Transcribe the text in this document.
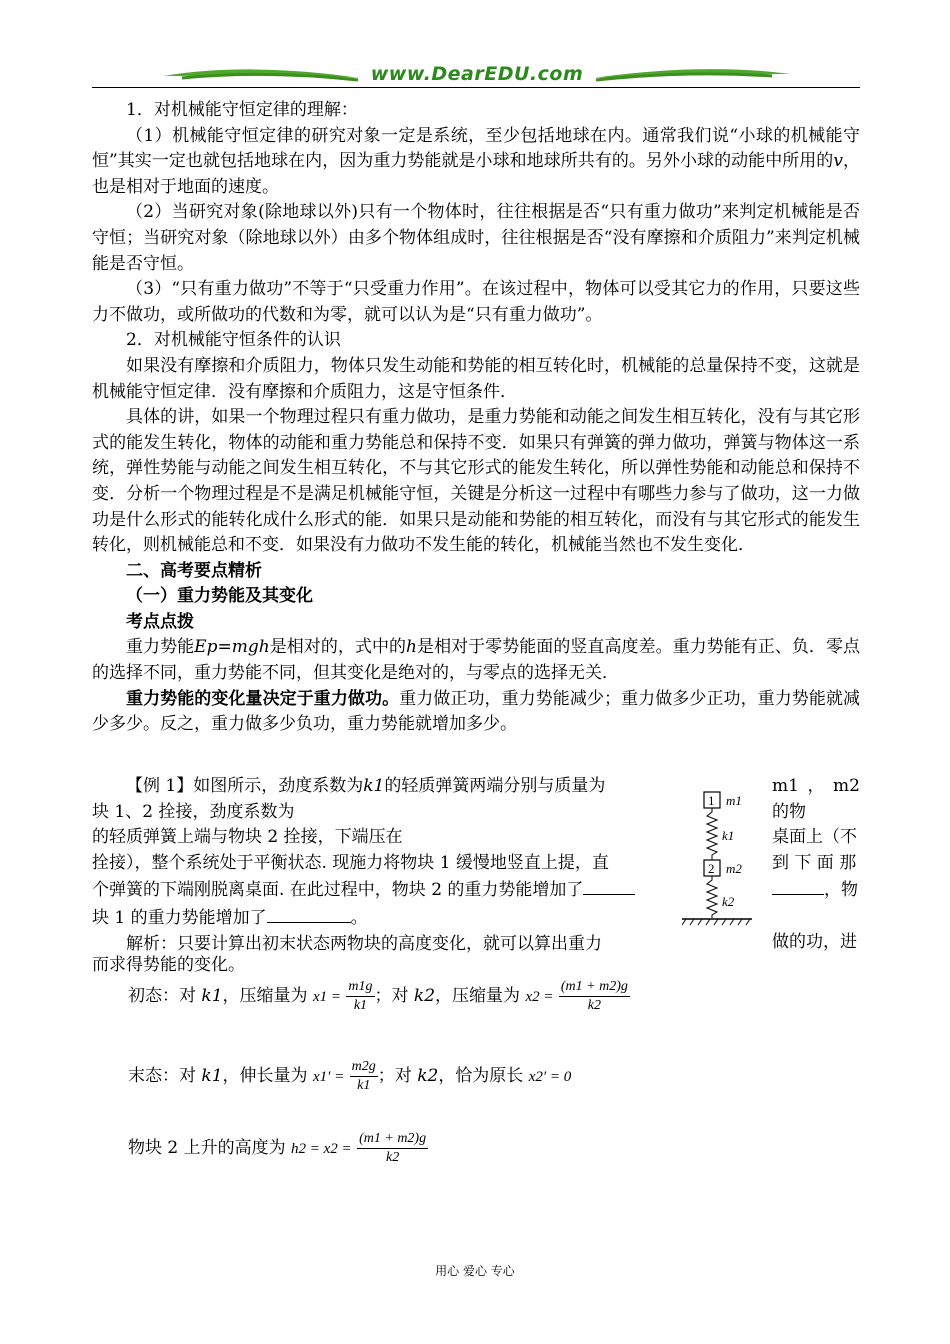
www.DearEDU.com

1．对机械能守恒定律的理解：

（1）机械能守恒定律的研究对象一定是系统，至少包括地球在内。通常我们说“小球的机械能守恒”其实一定也就包括地球在内，因为重力势能就是小球和地球所共有的。另外小球的动能中所用的v，也是相对于地面的速度。

（2）当研究对象(除地球以外)只有一个物体时，往往根据是否“只有重力做功”来判定机械能是否守恒；当研究对象（除地球以外）由多个物体组成时，往往根据是否“没有摩擦和介质阻力”来判定机械能是否守恒。

（3）“只有重力做功”不等于“只受重力作用”。在该过程中，物体可以受其它力的作用，只要这些力不做功，或所做功的代数和为零，就可以认为是“只有重力做功”。

2．对机械能守恒条件的认识

如果没有摩擦和介质阻力，物体只发生动能和势能的相互转化时，机械能的总量保持不变，这就是机械能守恒定律．没有摩擦和介质阻力，这是守恒条件．

具体的讲，如果一个物理过程只有重力做功，是重力势能和动能之间发生相互转化，没有与其它形式的能发生转化，物体的动能和重力势能总和保持不变．如果只有弹簧的弹力做功，弹簧与物体这一系统，弹性势能与动能之间发生相互转化，不与其它形式的能发生转化，所以弹性势能和动能总和保持不变．分析一个物理过程是不是满足机械能守恒，关键是分析这一过程中有哪些力参与了做功，这一力做功是什么形式的能转化成什么形式的能．如果只是动能和势能的相互转化，而没有与其它形式的能发生转化，则机械能总和不变．如果没有力做功不发生能的转化，机械能当然也不发生变化．

二、高考要点精析

（一）重力势能及其变化

考点点拨

重力势能Ep=mgh是相对的，式中的h是相对于零势能面的竖直高度差。重力势能有正、负．零点的选择不同，重力势能不同，但其变化是绝对的，与零点的选择无关．

重力势能的变化量决定于重力做功。重力做正功，重力势能减少；重力做多少正功，重力势能就减少多少。反之，重力做多少负功，重力势能就增加多少。

【例 1】如图所示，劲度系数为k1的轻质弹簧两端分别与质量为

块 1、2 拴接，劲度系数为

的轻质弹簧上端与物块 2 拴接，下端压在

拴接），整个系统处于平衡状态. 现施力将物块 1 缓慢地竖直上提，直

个弹簧的下端刚脱离桌面. 在此过程中，物块 2 的重力势能增加了

块 1 的重力势能增加了	。

解析：只要计算出初末状态两物块的高度变化，就可以算出重力

m1，m2 的物

桌面上（不

到 下 面 那

，物

做的功，进

而求得势能的变化。

1 m1
k1
2 m2
k2
初态：对 k1，压缩量为 $x1 = \frac{m1g}{k1}$ ；对 k2，压缩量为 $x2 = \frac{(m1 + m2)g}{k2}$
末态：对 k1，伸长量为 $x1' = \frac{m2g}{k1}$ ；对 k2，恰为原长 x2′ = 0
物块 2 上升的高度为 $h2 = x2 = \frac{(m1 + m2)g}{k2}$
用心 爱心 专心
